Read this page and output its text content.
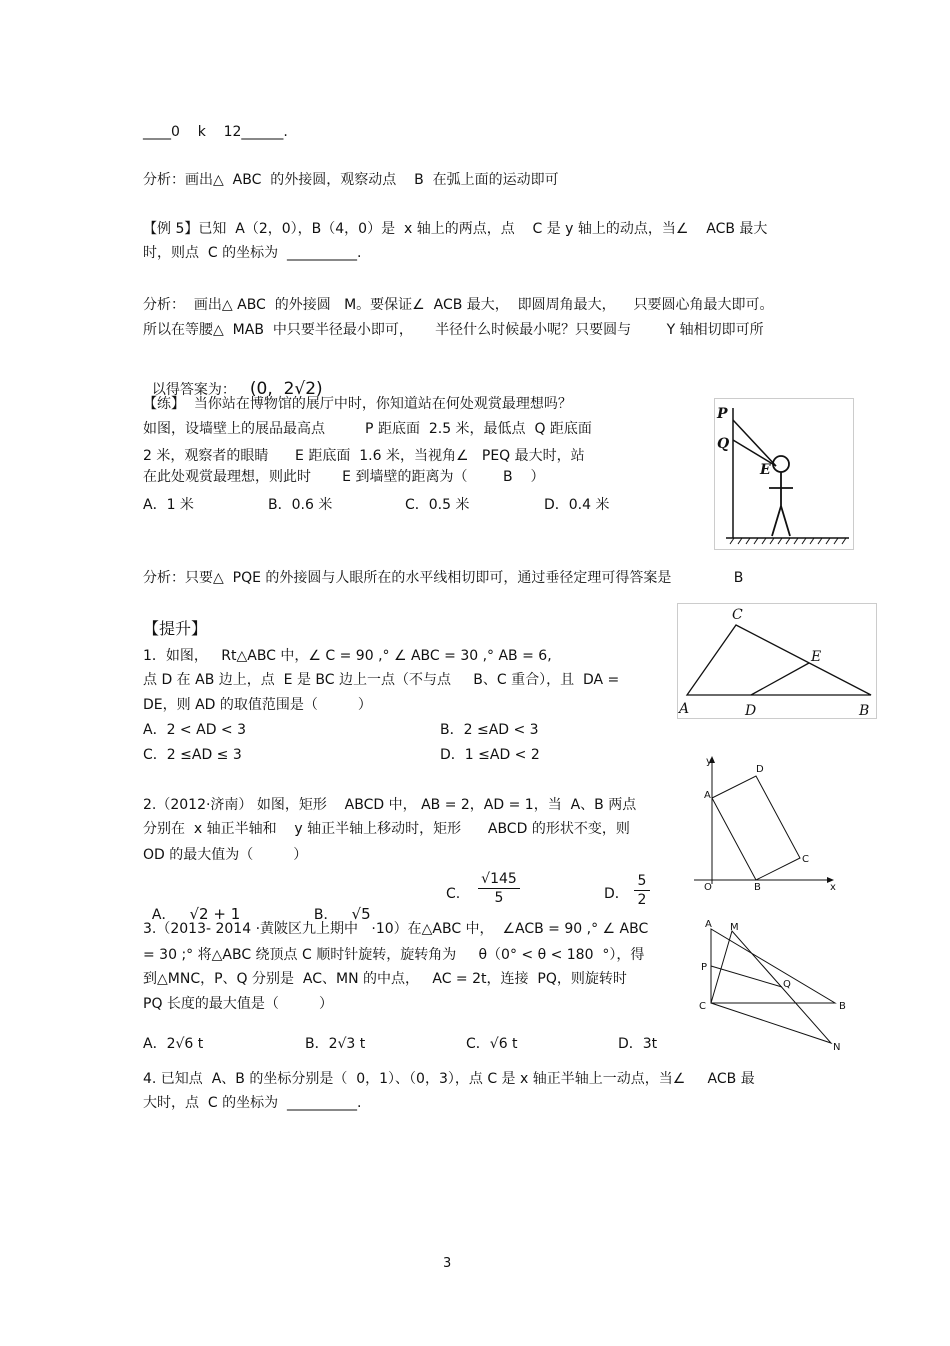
____0    k    12______.
分析：画出△  ABC  的外接圆，观察动点    B  在弧上面的运动即可
【例 5】已知  A（2，0），B（4，0）是  x 轴上的两点，点    C 是 y 轴上的动点，当∠    ACB 最大
时，则点  C 的坐标为  __________.
分析：  画出△ ABC  的外接圆   M。要保证∠  ACB 最大，  即圆周角最大，    只要圆心角最大即可。
所以在等腰△  MAB  中只要半径最小即可，     半径什么时候最小呢？只要圆与        Y 轴相切即可所

以得答案为： (0,  2√2)

【练】  当你站在博物馆的展厅中时，你知道站在何处观赏最理想吗？
如图，设墙壁上的展品最高点         P 距底面  2.5 米，最低点  Q 距底面
2 米，观察者的眼睛      E 距底面  1.6 米，当视角∠   PEQ 最大时，站
在此处观赏最理想，则此时       E 到墙壁的距离为（        B    ）
A．1 米	B．0.6 米	C．0.5 米	D．0.4 米
P
Q
E
分析：只要△  PQE 的外接圆与人眼所在的水平线相切即可，通过垂径定理可得答案是              B
【提升】
1．如图，   Rt△ABC 中，∠ C = 90 ,° ∠ ABC = 30 ,° AB = 6,
点 D 在 AB 边上，点  E 是 BC 边上一点（不与点     B、C 重合），且  DA =
DE，则 AD 的取值范围是（         ）
A．2 < AD < 3	B．2 ≤AD < 3
C．2 ≤AD ≤ 3	D．1 ≤AD < 2
C
E
A	D	B
2.（2012·济南） 如图，矩形    ABCD 中， AB = 2，AD = 1，当  A、B 两点
分别在  x 轴正半轴和    y 轴正半轴上移动时，矩形      ABCD 的形状不变，则
OD 的最大值为（         ）

A． √2 + 1	B． √5

C. $\frac{√145}{5}$	D． $\frac{5}{2}$
y
x
O
A
B
C
D
3.（2013- 2014 ·黄陂区九上期中   ·10）在△ABC 中，  ∠ACB = 90 ,° ∠ ABC
= 30 ;° 将△ABC 绕顶点 C 顺时针旋转，旋转角为     θ（0° < θ < 180  °），得
到△MNC，P、Q 分别是  AC、MN 的中点，   AC = 2t，连接  PQ，则旋转时
PQ 长度的最大值是（         ）
A．2√6 t	B．2√3 t	C．√6 t	D．3t
A M
P
Q
C	B
N
4. 已知点  A、B 的坐标分别是（  0，1）、（0，3），点 C 是 x 轴正半轴上一动点，当∠     ACB 最
大时，点  C 的坐标为  __________.
3
